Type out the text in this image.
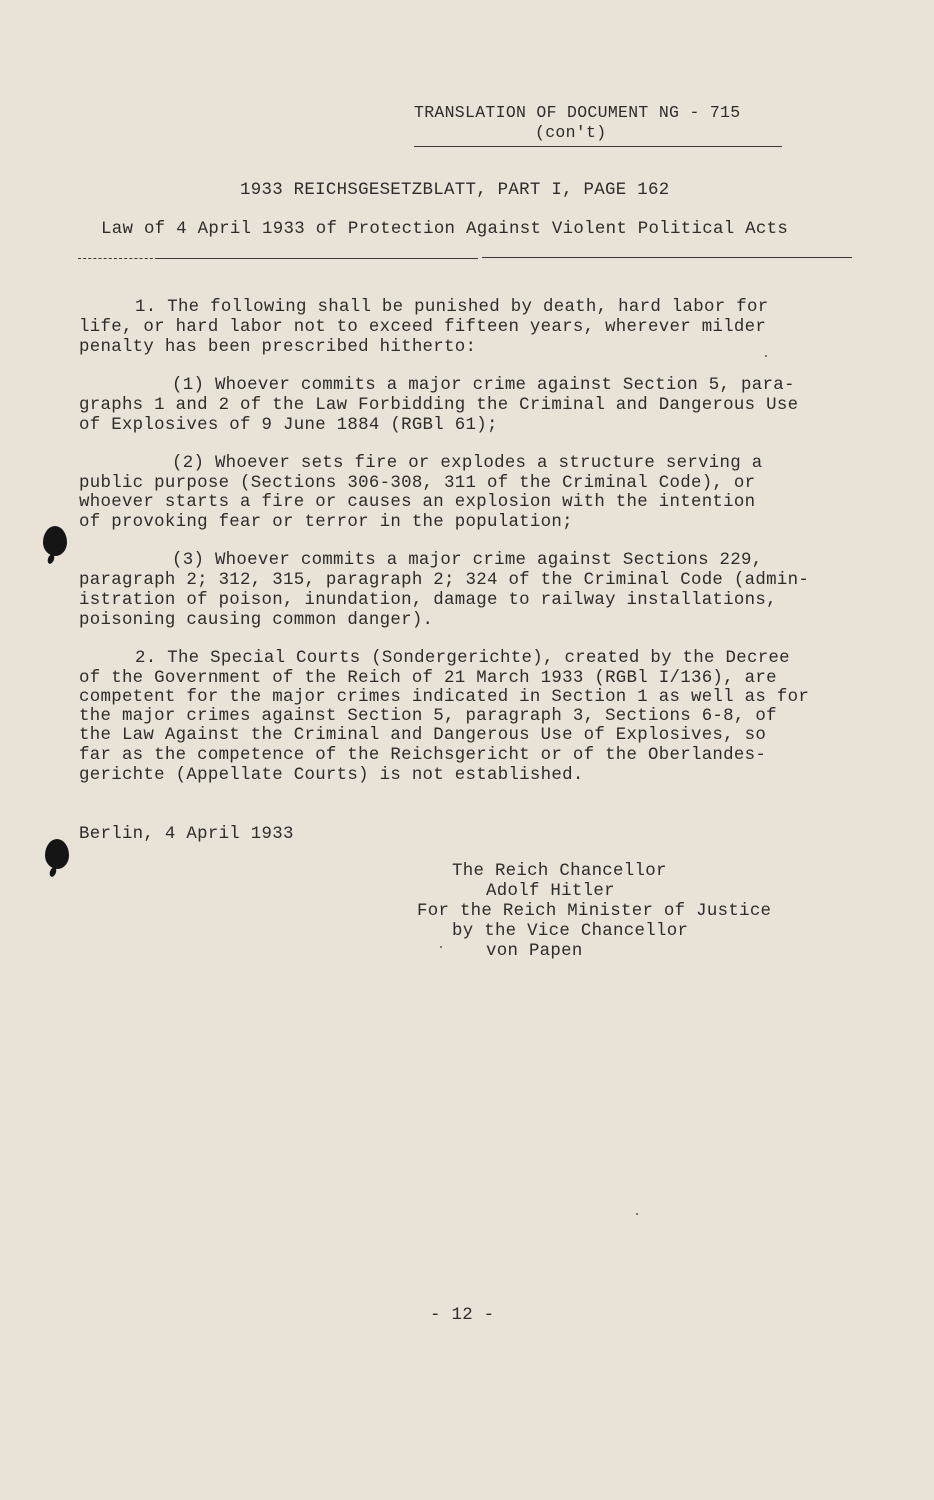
TRANSLATION OF DOCUMENT NG - 715
(con't)
1933 REICHSGESETZBLATT, PART I, PAGE 162
Law of 4 April 1933 of Protection Against Violent Political Acts
1. The following shall be punished by death, hard labor for
life, or hard labor not to exceed fifteen years, wherever milder
penalty has been prescribed hitherto:
(1) Whoever commits a major crime against Section 5, para-
graphs 1 and 2 of the Law Forbidding the Criminal and Dangerous Use
of Explosives of 9 June 1884 (RGBl 61);
(2) Whoever sets fire or explodes a structure serving a
public purpose (Sections 306-308, 311 of the Criminal Code), or
whoever starts a fire or causes an explosion with the intention
of provoking fear or terror in the population;
(3) Whoever commits a major crime against Sections 229,
paragraph 2; 312, 315, paragraph 2; 324 of the Criminal Code (admin-
istration of poison, inundation, damage to railway installations,
poisoning causing common danger).
2. The Special Courts (Sondergerichte), created by the Decree
of the Government of the Reich of 21 March 1933 (RGBl I/136), are
competent for the major crimes indicated in Section 1 as well as for
the major crimes against Section 5, paragraph 3, Sections 6-8, of
the Law Against the Criminal and Dangerous Use of Explosives, so
far as the competence of the Reichsgericht or of the Oberlandes-
gerichte (Appellate Courts) is not established.
Berlin, 4 April 1933
The Reich Chancellor
Adolf Hitler
For the Reich Minister of Justice
by the Vice Chancellor
von Papen
- 12 -
